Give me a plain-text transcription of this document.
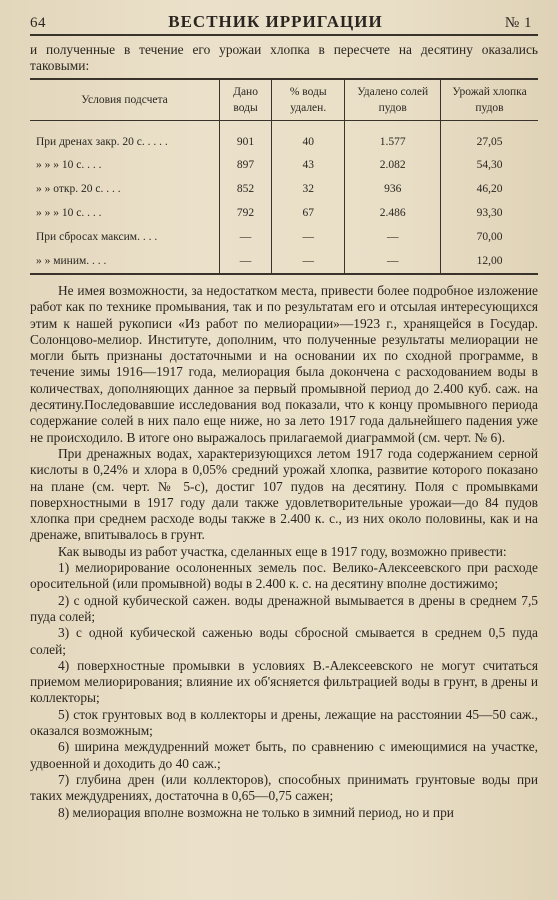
64	ВЕСТНИК ИРРИГАЦИИ	№ 1

и полученные в течение его урожаи хлопка в пересчете на десятину оказались таковыми:

Условия подсчета	Дано воды	% воды удален.	Удалено солей пудов	Урожай хлопка пудов
При дренах закр. 20 с. . . . .	901	40	1.577	27,05
» » » 10 с. . . .	897	43	2.082	54,30
» » откр. 20 с. . . .	852	32	936	46,20
» » » 10 с. . . .	792	67	2.486	93,30
При сбросах максим. . . .	—	—	—	70,00
» » миним. . . .	—	—	—	12,00

Не имея возможности, за недостатком места, привести более подробное изложение работ как по технике промывания, так и по результатам его и отсылая интересующихся этим к нашей рукописи «Из работ по мелиорации»—1923 г., хранящейся в Государ. Солонцово-мелиор. Институте, дополним, что полученные результаты мелиорации не могли быть признаны достаточными и на основании их по сходной программе, в течение зимы 1916—1917 года, мелиорация была докончена с расходованием воды в количествах, дополняющих данное за первый промывной период до 2.400 куб. саж. на десятину.Последовавшие исследования вод показали, что к концу промывного периода содержание солей в них пало еще ниже, но за лето 1917 года дальнейшего падения уже не происходило. В итоге оно выражалось прилагаемой диаграммой (см. черт. № 6).

При дренажных водах, характеризующихся летом 1917 года содержанием серной кислоты в 0,24% и хлора в 0,05% средний урожай хлопка, развитие которого показано на плане (см. черт. № 5-с), достиг 107 пудов на десятину. Поля с промывками поверхностными в 1917 году дали также удовлетворительные урожаи—до 84 пудов хлопка при среднем расходе воды также в 2.400 к. с., из них около половины, как и на дренаже, впитывалось в грунт.

Как выводы из работ участка, сделанных еще в 1917 году, возможно привести:

1) мелиорирование осолоненных земель пос. Велико-Алексеевского при расходе оросительной (или промывной) воды в 2.400 к. с. на десятину вполне достижимо;

2) с одной кубической сажен. воды дренажной вымывается в дрены в среднем 7,5 пуда солей;

3) с одной кубической саженью воды сбросной смывается в среднем 0,5 пуда солей;

4) поверхностные промывки в условиях В.-Алексеевского не могут считаться приемом мелиорирования; влияние их об'ясняется фильтрацией воды в грунт, в дрены и коллекторы;

5) сток грунтовых вод в коллекторы и дрены, лежащие на расстоянии 45—50 саж., оказался возможным;

6) ширина междудренний может быть, по сравнению с имеющимися на участке, удвоенной и доходить до 40 саж.;

7) глубина дрен (или коллекторов), способных принимать грунтовые воды при таких междудрениях, достаточна в 0,65—0,75 сажен;

8) мелиорация вполне возможна не только в зимний период, но и при
